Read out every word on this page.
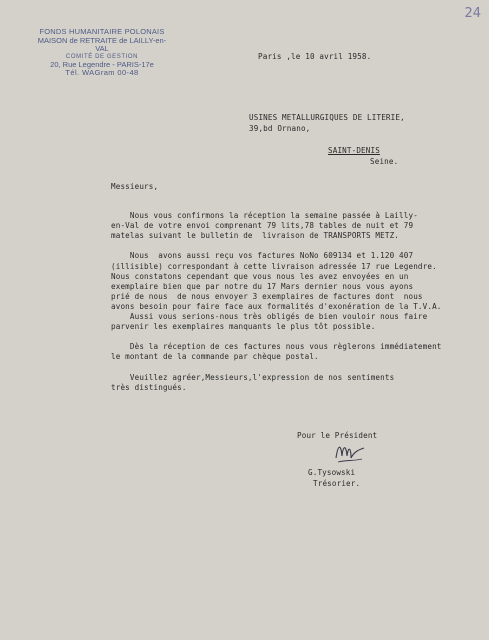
24
FONDS HUMANITAIRE POLONAIS
MAISON de RETRAITE de LAILLY-en-VAL
COMITÉ DE GESTION
20, Rue Legendre - PARIS-17e
Tél. WAGram 00-48
Paris ,le 10 avril 1958.
USINES METALLURGIQUES DE LITERIE,
39,bd Ornano,
SAINT-DENIS
Seine.
Messieurs,
Nous vous confirmons la réception la semaine passée à Lailly-
en-Val de votre envoi comprenant 79 lits,78 tables de nuit et 79
matelas suivant le bulletin de  livraison de TRANSPORTS METZ.
Nous  avons aussi reçu vos factures NoNo 609134 et 1.120 407
(illisible) correspondant à cette livraison adressée 17 rue Legendre.
Nous constatons cependant que vous nous les avez envoyées en un
exemplaire bien que par notre du 17 Mars dernier nous vous ayons
prié de nous  de nous envoyer 3 exemplaires de factures dont  nous
avons besoin pour faire face aux formalités d'exonération de la T.V.A.
Aussi vous serions-nous très obligés de bien vouloir nous faire
parvenir les exemplaires manquants le plus tôt possible.
Dès la réception de ces factures nous vous règlerons immédiatement
le montant de la commande par chèque postal.
Veuillez agréer,Messieurs,l'expression de nos sentiments
très distingués.
Pour le Président
G.Tysowski
Trésorier.
